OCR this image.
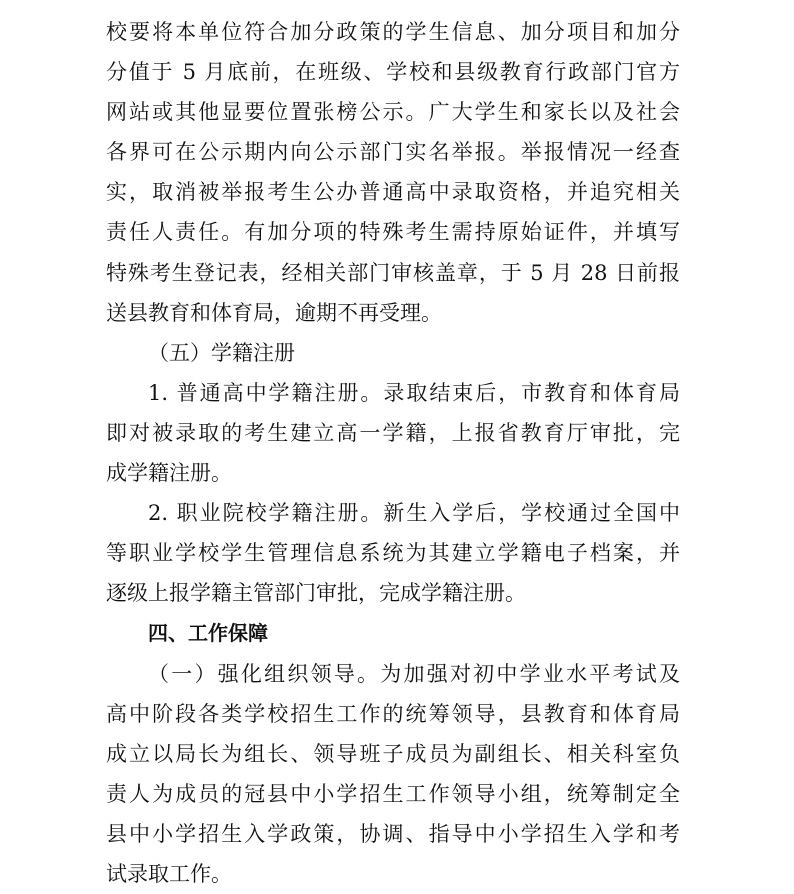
校要将本单位符合加分政策的学生信息、加分项目和加分
分值于 5 月底前，在班级、学校和县级教育行政部门官方
网站或其他显要位置张榜公示。广大学生和家长以及社会
各界可在公示期内向公示部门实名举报。举报情况一经查
实，取消被举报考生公办普通高中录取资格，并追究相关
责任人责任。有加分项的特殊考生需持原始证件，并填写
特殊考生登记表，经相关部门审核盖章，于 5 月 28 日前报
送县教育和体育局，逾期不再受理。
（五）学籍注册
1. 普通高中学籍注册。录取结束后，市教育和体育局
即对被录取的考生建立高一学籍，上报省教育厅审批，完
成学籍注册。
2. 职业院校学籍注册。新生入学后，学校通过全国中
等职业学校学生管理信息系统为其建立学籍电子档案，并
逐级上报学籍主管部门审批，完成学籍注册。
四、工作保障
（一）强化组织领导。为加强对初中学业水平考试及
高中阶段各类学校招生工作的统筹领导，县教育和体育局
成立以局长为组长、领导班子成员为副组长、相关科室负
责人为成员的冠县中小学招生工作领导小组，统筹制定全
县中小学招生入学政策，协调、指导中小学招生入学和考
试录取工作。
